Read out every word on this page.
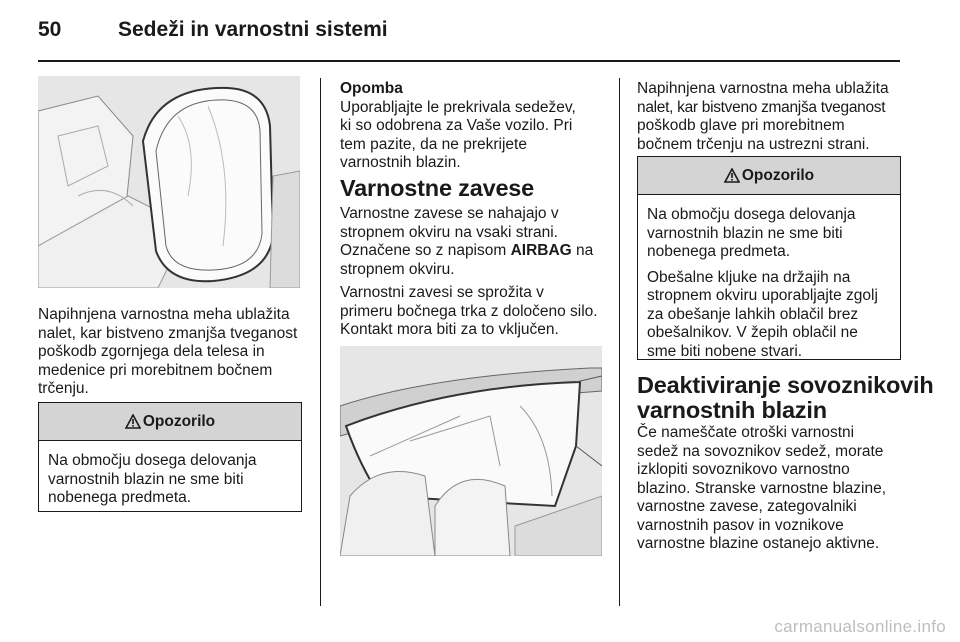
50	Sedeži in varnostni sistemi

Napihnjena varnostna meha ublažita

nalet, kar bistveno zmanjša tveganost

poškodb zgornjega dela telesa in

medenice pri morebitnem bočnem

trčenju.

Opozorilo

Na območju dosega delovanja

varnostnih blazin ne sme biti

nobenega predmeta.

Opomba

Uporabljajte le prekrivala sedežev,

ki so odobrena za Vaše vozilo. Pri

tem pazite, da ne prekrijete

varnostnih blazin.

Varnostne zavese

Varnostne zavese se nahajajo v

stropnem okviru na vsaki strani.

Označene so z napisom AIRBAG na

stropnem okviru.

Varnostni zavesi se sprožita v

primeru bočnega trka z določeno silo.

Kontakt mora biti za to vključen.

Napihnjena varnostna meha ublažita

nalet, kar bistveno zmanjša tveganost

poškodb glave pri morebitnem

bočnem trčenju na ustrezni strani.

Opozorilo

Na območju dosega delovanja

varnostnih blazin ne sme biti

nobenega predmeta.

Obešalne kljuke na držajih na

stropnem okviru uporabljajte zgolj

za obešanje lahkih oblačil brez

obešalnikov. V žepih oblačil ne

sme biti nobene stvari.

Deaktiviranje sovoznikovih
varnostnih blazin

Če nameščate otroški varnostni

sedež na sovoznikov sedež, morate

izklopiti sovoznikovo varnostno

blazino. Stranske varnostne blazine,

varnostne zavese, zategovalniki

varnostnih pasov in voznikove

varnostne blazine ostanejo aktivne.

carmanualsonline.info
